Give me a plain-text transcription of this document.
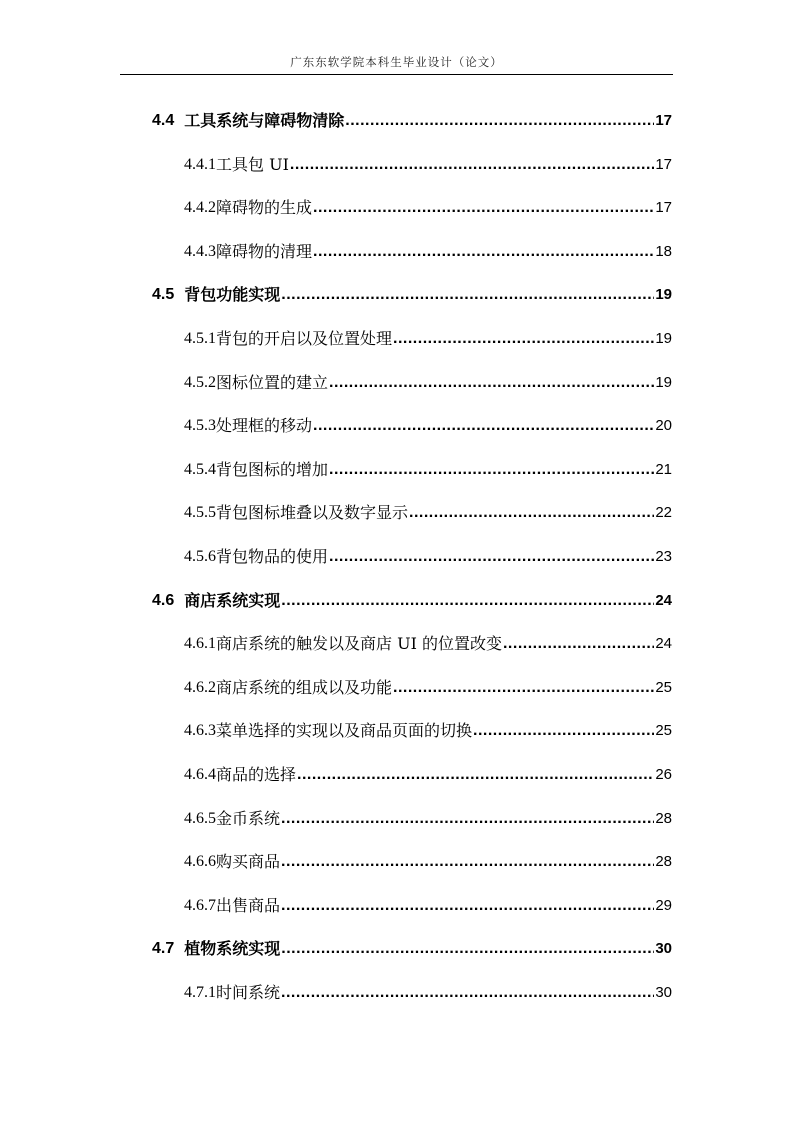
广东东软学院本科生毕业设计（论文）
4.4 工具系统与障碍物清除 .....	17
4.4.1 工具包 UI .....	17
4.4.2 障碍物的生成 .....	17
4.4.3 障碍物的清理 .....	18
4.5 背包功能实现 .....	19
4.5.1 背包的开启以及位置处理 .....	19
4.5.2 图标位置的建立 .....	19
4.5.3 处理框的移动 .....	20
4.5.4 背包图标的增加 .....	21
4.5.5 背包图标堆叠以及数字显示 .....	22
4.5.6 背包物品的使用 .....	23
4.6 商店系统实现 .....	24
4.6.1 商店系统的触发以及商店 UI 的位置改变 .....	24
4.6.2 商店系统的组成以及功能 .....	25
4.6.3 菜单选择的实现以及商品页面的切换 .....	25
4.6.4 商品的选择 .....	26
4.6.5 金币系统 .....	28
4.6.6 购买商品 .....	28
4.6.7 出售商品 .....	29
4.7 植物系统实现 .....	30
4.7.1 时间系统 .....	30
